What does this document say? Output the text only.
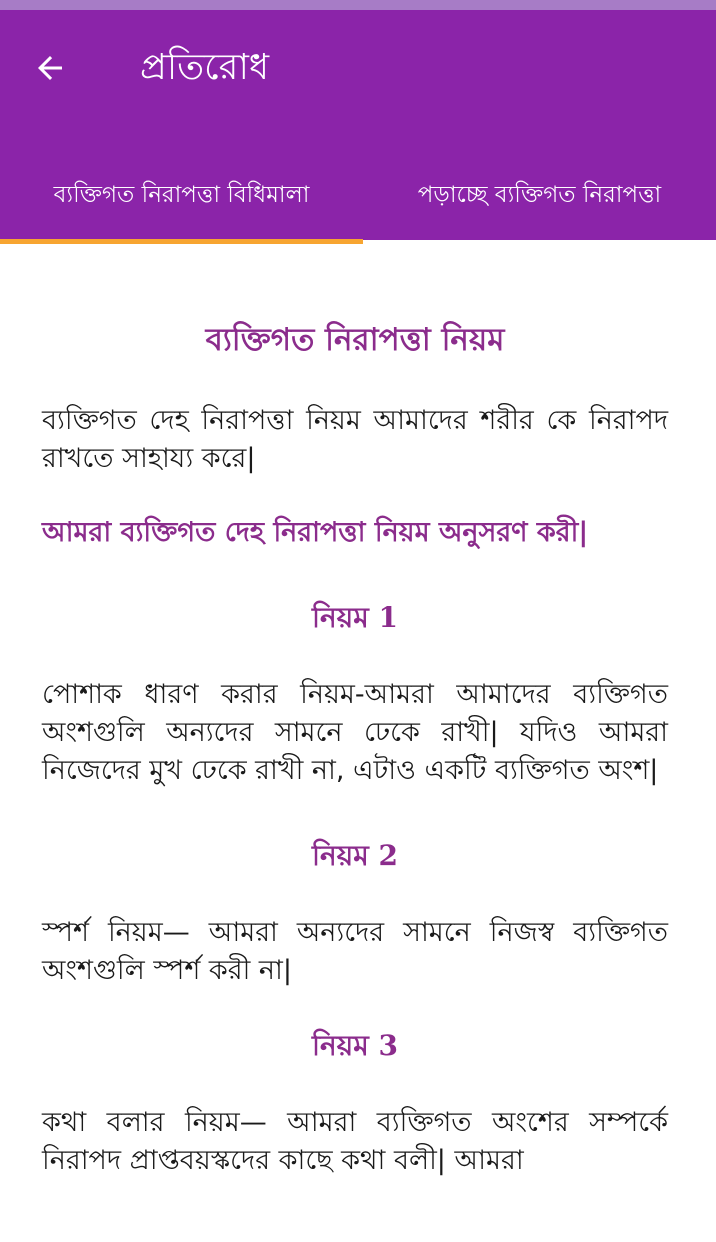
প্রতিরোধ
ব্যক্তিগত নিরাপত্তা বিধিমালা	পড়াচ্ছে ব্যক্তিগত নিরাপত্তা
ব্যক্তিগত নিরাপত্তা নিয়ম

ব্যক্তিগত দেহ নিরাপত্তা নিয়ম আমাদের শরীর কে নিরাপদ রাখতে সাহায্য করে|

আমরা ব্যক্তিগত দেহ নিরাপত্তা নিয়ম অনুসরণ করী|

নিয়ম 1

পোশাক ধারণ করার নিয়ম-আমরা আমাদের ব্যক্তিগত অংশগুলি অন্যদের সামনে ঢেকে রাখী| যদিও আমরা নিজেদের মুখ ঢেকে রাখী না, এটাও একটি ব্যক্তিগত অংশ|

নিয়ম 2

স্পর্শ নিয়ম— আমরা অন্যদের সামনে নিজস্ব ব্যক্তিগত অংশগুলি স্পর্শ করী না|

নিয়ম 3

কথা বলার নিয়ম— আমরা ব্যক্তিগত অংশের সম্পর্কে নিরাপদ প্রাপ্তবয়স্কদের কাছে কথা বলী| আমরা
